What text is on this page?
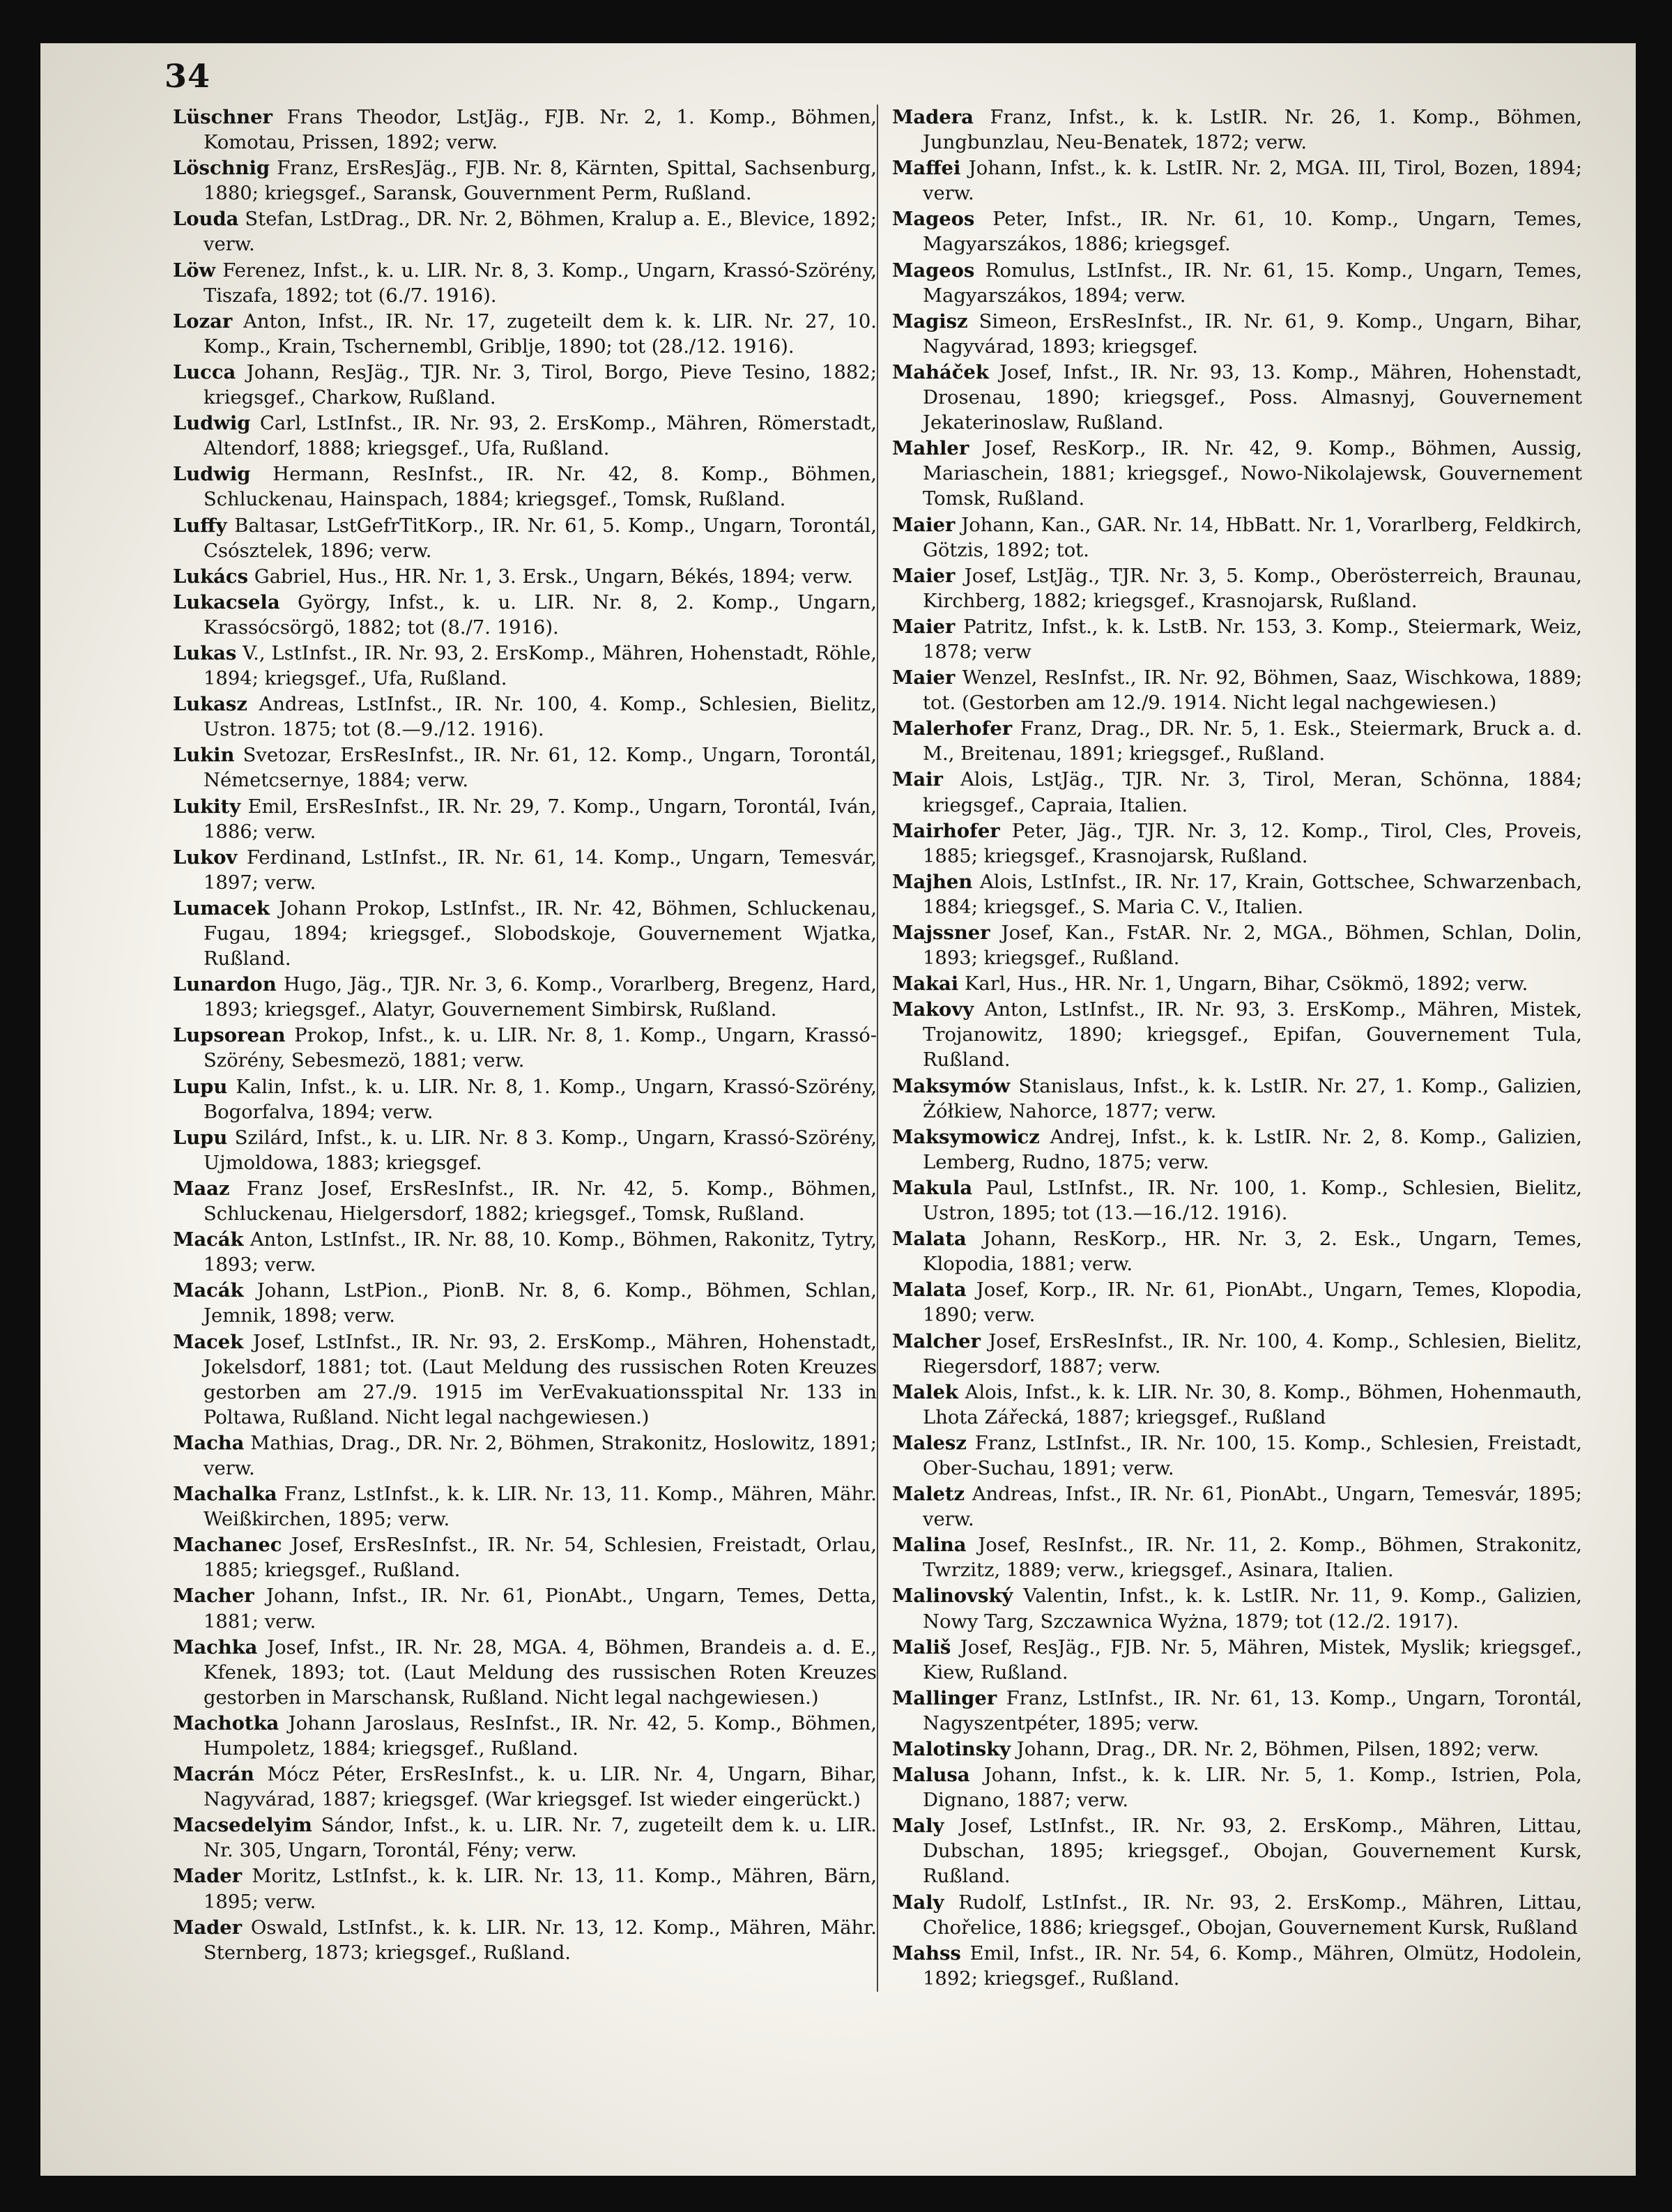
34
Lüschner Frans Theodor, LstJäg., FJB. Nr. 2, 1. Komp., Böhmen, Komotau, Prissen, 1892; verw.
Löschnig Franz, ErsResJäg., FJB. Nr. 8, Kärnten, Spittal, Sachsenburg, 1880; kriegsgef., Saransk, Gouvernment Perm, Rußland.
Louda Stefan, LstDrag., DR. Nr. 2, Böhmen, Kralup a. E., Blevice, 1892; verw.
Löw Ferenez, Infst., k. u. LIR. Nr. 8, 3. Komp., Ungarn, Krassó-Szörény, Tiszafa, 1892; tot (6./7. 1916).
Lozar Anton, Infst., IR. Nr. 17, zugeteilt dem k. k. LIR. Nr. 27, 10. Komp., Krain, Tschernembl, Griblje, 1890; tot (28./12. 1916).
Lucca Johann, ResJäg., TJR. Nr. 3, Tirol, Borgo, Pieve Tesino, 1882; kriegsgef., Charkow, Rußland.
Ludwig Carl, LstInfst., IR. Nr. 93, 2. ErsKomp., Mähren, Römerstadt, Altendorf, 1888; kriegsgef., Ufa, Rußland.
Ludwig Hermann, ResInfst., IR. Nr. 42, 8. Komp., Böhmen, Schluckenau, Hainspach, 1884; kriegsgef., Tomsk, Rußland.
Luffy Baltasar, LstGefrTitKorp., IR. Nr. 61, 5. Komp., Ungarn, Torontál, Csósztelek, 1896; verw.
Lukács Gabriel, Hus., HR. Nr. 1, 3. Ersk., Ungarn, Békés, 1894; verw.
Lukacsela György, Infst., k. u. LIR. Nr. 8, 2. Komp., Ungarn, Krassócsörgö, 1882; tot (8./7. 1916).
Lukas V., LstInfst., IR. Nr. 93, 2. ErsKomp., Mähren, Hohenstadt, Röhle, 1894; kriegsgef., Ufa, Rußland.
Lukasz Andreas, LstInfst., IR. Nr. 100, 4. Komp., Schlesien, Bielitz, Ustron. 1875; tot (8.—9./12. 1916).
Lukin Svetozar, ErsResInfst., IR. Nr. 61, 12. Komp., Ungarn, Torontál, Németcsernye, 1884; verw.
Lukity Emil, ErsResInfst., IR. Nr. 29, 7. Komp., Ungarn, Torontál, Iván, 1886; verw.
Lukov Ferdinand, LstInfst., IR. Nr. 61, 14. Komp., Ungarn, Temesvár, 1897; verw.
Lumacek Johann Prokop, LstInfst., IR. Nr. 42, Böhmen, Schluckenau, Fugau, 1894; kriegsgef., Slobodskoje, Gouvernement Wjatka, Rußland.
Lunardon Hugo, Jäg., TJR. Nr. 3, 6. Komp., Vorarlberg, Bregenz, Hard, 1893; kriegsgef., Alatyr, Gouvernement Simbirsk, Rußland.
Lupsorean Prokop, Infst., k. u. LIR. Nr. 8, 1. Komp., Ungarn, Krassó-Szörény, Sebesmezö, 1881; verw.
Lupu Kalin, Infst., k. u. LIR. Nr. 8, 1. Komp., Ungarn, Krassó-Szörény, Bogorfalva, 1894; verw.
Lupu Szilárd, Infst., k. u. LIR. Nr. 8 3. Komp., Ungarn, Krassó-Szörény, Ujmoldowa, 1883; kriegsgef.
Maaz Franz Josef, ErsResInfst., IR. Nr. 42, 5. Komp., Böhmen, Schluckenau, Hielgersdorf, 1882; kriegsgef., Tomsk, Rußland.
Macák Anton, LstInfst., IR. Nr. 88, 10. Komp., Böhmen, Rakonitz, Tytry, 1893; verw.
Macák Johann, LstPion., PionB. Nr. 8, 6. Komp., Böhmen, Schlan, Jemnik, 1898; verw.
Macek Josef, LstInfst., IR. Nr. 93, 2. ErsKomp., Mähren, Hohenstadt, Jokelsdorf, 1881; tot. (Laut Meldung des russischen Roten Kreuzes gestorben am 27./9. 1915 im VerEvakuationsspital Nr. 133 in Poltawa, Rußland. Nicht legal nachgewiesen.)
Macha Mathias, Drag., DR. Nr. 2, Böhmen, Strakonitz, Hoslowitz, 1891; verw.
Machalka Franz, LstInfst., k. k. LIR. Nr. 13, 11. Komp., Mähren, Mähr. Weißkirchen, 1895; verw.
Machanec Josef, ErsResInfst., IR. Nr. 54, Schlesien, Freistadt, Orlau, 1885; kriegsgef., Rußland.
Macher Johann, Infst., IR. Nr. 61, PionAbt., Ungarn, Temes, Detta, 1881; verw.
Machka Josef, Infst., IR. Nr. 28, MGA. 4, Böhmen, Brandeis a. d. E., Kfenek, 1893; tot. (Laut Meldung des russischen Roten Kreuzes gestorben in Marschansk, Rußland. Nicht legal nachgewiesen.)
Machotka Johann Jaroslaus, ResInfst., IR. Nr. 42, 5. Komp., Böhmen, Humpoletz, 1884; kriegsgef., Rußland.
Macrán Mócz Péter, ErsResInfst., k. u. LIR. Nr. 4, Ungarn, Bihar, Nagyvárad, 1887; kriegsgef. (War kriegsgef. Ist wieder eingerückt.)
Macsedelyim Sándor, Infst., k. u. LIR. Nr. 7, zugeteilt dem k. u. LIR. Nr. 305, Ungarn, Torontál, Fény; verw.
Mader Moritz, LstInfst., k. k. LIR. Nr. 13, 11. Komp., Mähren, Bärn, 1895; verw.
Mader Oswald, LstInfst., k. k. LIR. Nr. 13, 12. Komp., Mähren, Mähr. Sternberg, 1873; kriegsgef., Rußland.
Madera Franz, Infst., k. k. LstIR. Nr. 26, 1. Komp., Böhmen, Jungbunzlau, Neu-Benatek, 1872; verw.
Maffei Johann, Infst., k. k. LstIR. Nr. 2, MGA. III, Tirol, Bozen, 1894; verw.
Mageos Peter, Infst., IR. Nr. 61, 10. Komp., Ungarn, Temes, Magyarszákos, 1886; kriegsgef.
Mageos Romulus, LstInfst., IR. Nr. 61, 15. Komp., Ungarn, Temes, Magyarszákos, 1894; verw.
Magisz Simeon, ErsResInfst., IR. Nr. 61, 9. Komp., Ungarn, Bihar, Nagyvárad, 1893; kriegsgef.
Maháček Josef, Infst., IR. Nr. 93, 13. Komp., Mähren, Hohenstadt, Drosenau, 1890; kriegsgef., Poss. Almasnyj, Gouvernement Jekaterinoslaw, Rußland.
Mahler Josef, ResKorp., IR. Nr. 42, 9. Komp., Böhmen, Aussig, Mariaschein, 1881; kriegsgef., Nowo-Nikolajewsk, Gouvernement Tomsk, Rußland.
Maier Johann, Kan., GAR. Nr. 14, HbBatt. Nr. 1, Vorarlberg, Feldkirch, Götzis, 1892; tot.
Maier Josef, LstJäg., TJR. Nr. 3, 5. Komp., Oberösterreich, Braunau, Kirchberg, 1882; kriegsgef., Krasnojarsk, Rußland.
Maier Patritz, Infst., k. k. LstB. Nr. 153, 3. Komp., Steiermark, Weiz, 1878; verw
Maier Wenzel, ResInfst., IR. Nr. 92, Böhmen, Saaz, Wischkowa, 1889; tot. (Gestorben am 12./9. 1914. Nicht legal nachgewiesen.)
Malerhofer Franz, Drag., DR. Nr. 5, 1. Esk., Steiermark, Bruck a. d. M., Breitenau, 1891; kriegsgef., Rußland.
Mair Alois, LstJäg., TJR. Nr. 3, Tirol, Meran, Schönna, 1884; kriegsgef., Capraia, Italien.
Mairhofer Peter, Jäg., TJR. Nr. 3, 12. Komp., Tirol, Cles, Proveis, 1885; kriegsgef., Krasnojarsk, Rußland.
Majhen Alois, LstInfst., IR. Nr. 17, Krain, Gottschee, Schwarzenbach, 1884; kriegsgef., S. Maria C. V., Italien.
Majssner Josef, Kan., FstAR. Nr. 2, MGA., Böhmen, Schlan, Dolin, 1893; kriegsgef., Rußland.
Makai Karl, Hus., HR. Nr. 1, Ungarn, Bihar, Csökmö, 1892; verw.
Makovy Anton, LstInfst., IR. Nr. 93, 3. ErsKomp., Mähren, Mistek, Trojanowitz, 1890; kriegsgef., Epifan, Gouvernement Tula, Rußland.
Maksymów Stanislaus, Infst., k. k. LstIR. Nr. 27, 1. Komp., Galizien, Żółkiew, Nahorce, 1877; verw.
Maksymowicz Andrej, Infst., k. k. LstIR. Nr. 2, 8. Komp., Galizien, Lemberg, Rudno, 1875; verw.
Makula Paul, LstInfst., IR. Nr. 100, 1. Komp., Schlesien, Bielitz, Ustron, 1895; tot (13.—16./12. 1916).
Malata Johann, ResKorp., HR. Nr. 3, 2. Esk., Ungarn, Temes, Klopodia, 1881; verw.
Malata Josef, Korp., IR. Nr. 61, PionAbt., Ungarn, Temes, Klopodia, 1890; verw.
Malcher Josef, ErsResInfst., IR. Nr. 100, 4. Komp., Schlesien, Bielitz, Riegersdorf, 1887; verw.
Malek Alois, Infst., k. k. LIR. Nr. 30, 8. Komp., Böhmen, Hohenmauth, Lhota Zářecká, 1887; kriegsgef., Rußland
Malesz Franz, LstInfst., IR. Nr. 100, 15. Komp., Schlesien, Freistadt, Ober-Suchau, 1891; verw.
Maletz Andreas, Infst., IR. Nr. 61, PionAbt., Ungarn, Temesvár, 1895; verw.
Malina Josef, ResInfst., IR. Nr. 11, 2. Komp., Böhmen, Strakonitz, Twrzitz, 1889; verw., kriegsgef., Asinara, Italien.
Malinovský Valentin, Infst., k. k. LstIR. Nr. 11, 9. Komp., Galizien, Nowy Targ, Szczawnica Wyżna, 1879; tot (12./2. 1917).
Mališ Josef, ResJäg., FJB. Nr. 5, Mähren, Mistek, Myslik; kriegsgef., Kiew, Rußland.
Mallinger Franz, LstInfst., IR. Nr. 61, 13. Komp., Ungarn, Torontál, Nagyszentpéter, 1895; verw.
Malotinsky Johann, Drag., DR. Nr. 2, Böhmen, Pilsen, 1892; verw.
Malusa Johann, Infst., k. k. LIR. Nr. 5, 1. Komp., Istrien, Pola, Dignano, 1887; verw.
Maly Josef, LstInfst., IR. Nr. 93, 2. ErsKomp., Mähren, Littau, Dubschan, 1895; kriegsgef., Obojan, Gouvernement Kursk, Rußland.
Maly Rudolf, LstInfst., IR. Nr. 93, 2. ErsKomp., Mähren, Littau, Chořelice, 1886; kriegsgef., Obojan, Gouvernement Kursk, Rußland
Mahss Emil, Infst., IR. Nr. 54, 6. Komp., Mähren, Olmütz, Hodolein, 1892; kriegsgef., Rußland.
